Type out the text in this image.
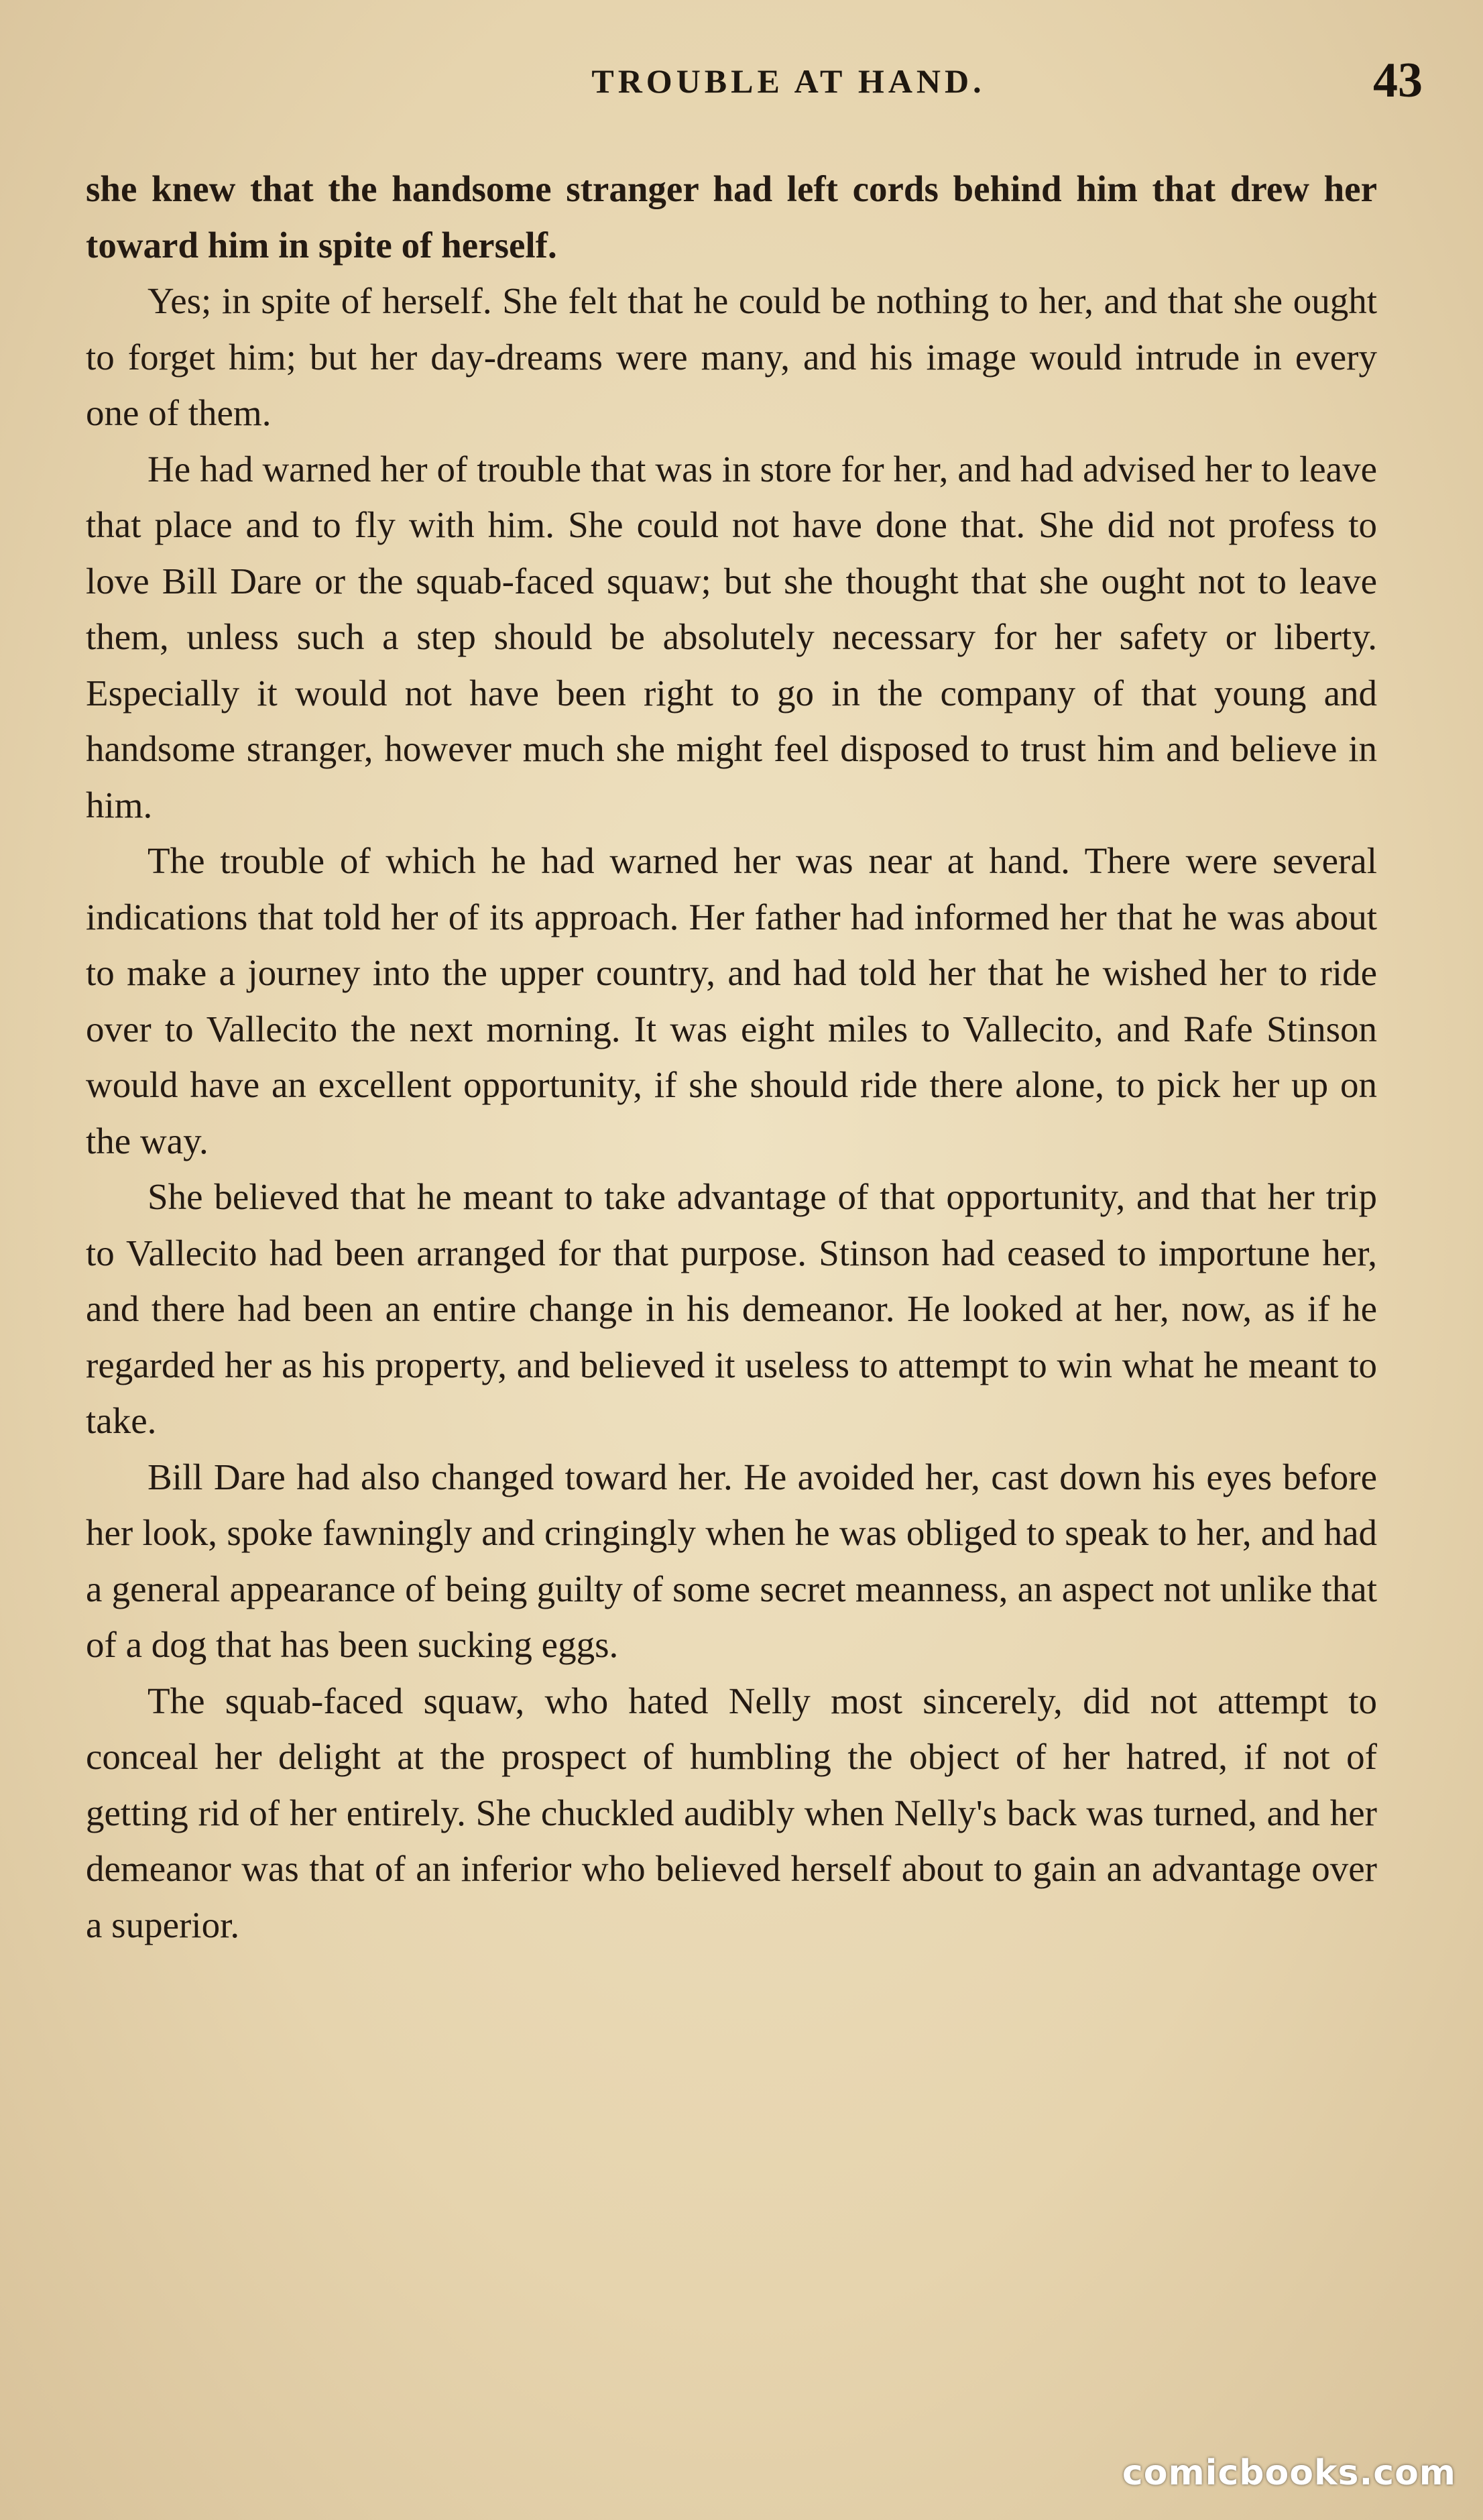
TROUBLE AT HAND.	43

she knew that the handsome stranger had left cords behind him that drew her toward him in spite of herself.

Yes; in spite of herself. She felt that he could be nothing to her, and that she ought to forget him; but her day-dreams were many, and his image would intrude in every one of them.

He had warned her of trouble that was in store for her, and had advised her to leave that place and to fly with him. She could not have done that. She did not profess to love Bill Dare or the squab-faced squaw; but she thought that she ought not to leave them, unless such a step should be absolutely necessary for her safety or liberty. Especially it would not have been right to go in the company of that young and handsome stranger, however much she might feel disposed to trust him and believe in him.

The trouble of which he had warned her was near at hand. There were several indications that told her of its approach. Her father had informed her that he was about to make a journey into the upper country, and had told her that he wished her to ride over to Vallecito the next morning. It was eight miles to Vallecito, and Rafe Stinson would have an excellent opportunity, if she should ride there alone, to pick her up on the way.

She believed that he meant to take advantage of that opportunity, and that her trip to Vallecito had been arranged for that purpose. Stinson had ceased to importune her, and there had been an entire change in his demeanor. He looked at her, now, as if he regarded her as his property, and believed it useless to attempt to win what he meant to take.

Bill Dare had also changed toward her. He avoided her, cast down his eyes before her look, spoke fawningly and cringingly when he was obliged to speak to her, and had a general appearance of being guilty of some secret meanness, an aspect not unlike that of a dog that has been sucking eggs.

The squab-faced squaw, who hated Nelly most sincerely, did not attempt to conceal her delight at the prospect of humbling the object of her hatred, if not of getting rid of her entirely. She chuckled audibly when Nelly's back was turned, and her demeanor was that of an inferior who believed herself about to gain an advantage over a superior.

comicbooks.com
